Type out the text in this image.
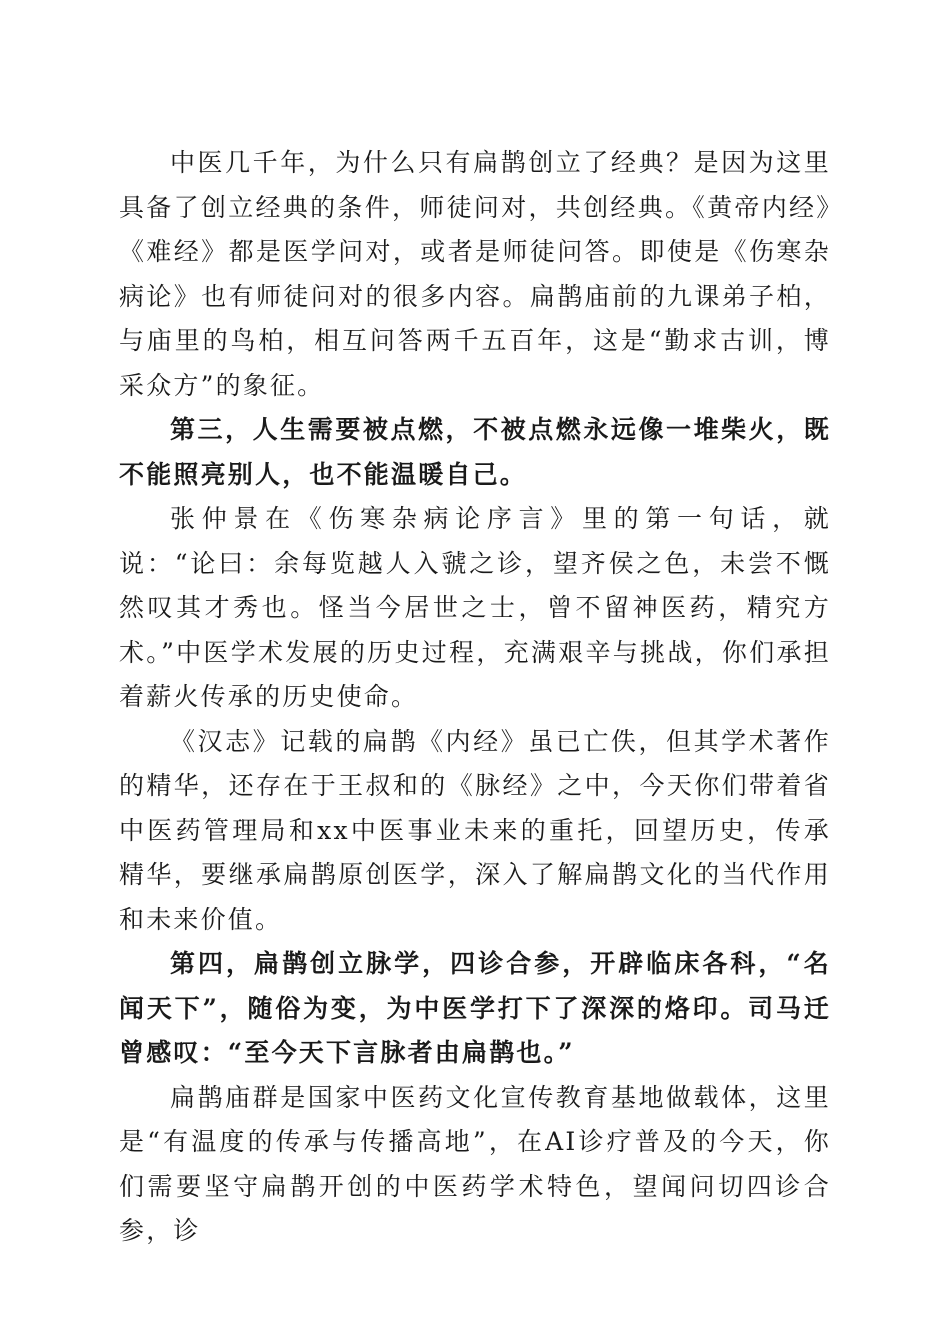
中医几千年，为什么只有扁鹊创立了经典？是因为这里具备了创立经典的条件，师徒问对，共创经典。《黄帝内经》《难经》都是医学问对，或者是师徒问答。即使是《伤寒杂病论》也有师徒问对的很多内容。扁鹊庙前的九课弟子柏，与庙里的鸟柏，相互问答两千五百年，这是“勤求古训，博采众方”的象征。

第三，人生需要被点燃，不被点燃永远像一堆柴火，既不能照亮别人，也不能温暖自己。

张仲景在《伤寒杂病论序言》里的第一句话，就说：“论曰：余每览越人入虢之诊，望齐侯之色，未尝不慨然叹其才秀也。怪当今居世之士，曾不留神医药，精究方术。”中医学术发展的历史过程，充满艰辛与挑战，你们承担着薪火传承的历史使命。

《汉志》记载的扁鹊《内经》虽已亡佚，但其学术著作的精华，还存在于王叔和的《脉经》之中，今天你们带着省中医药管理局和xx中医事业未来的重托，回望历史，传承精华，要继承扁鹊原创医学，深入了解扁鹊文化的当代作用和未来价值。

第四，扁鹊创立脉学，四诊合参，开辟临床各科，“名闻天下”，随俗为变，为中医学打下了深深的烙印。司马迁曾感叹：“至今天下言脉者由扁鹊也。”

扁鹊庙群是国家中医药文化宣传教育基地做载体，这里是“有温度的传承与传播高地”，在AI诊疗普及的今天，你们需要坚守扁鹊开创的中医药学术特色，望闻问切四诊合参，诊
